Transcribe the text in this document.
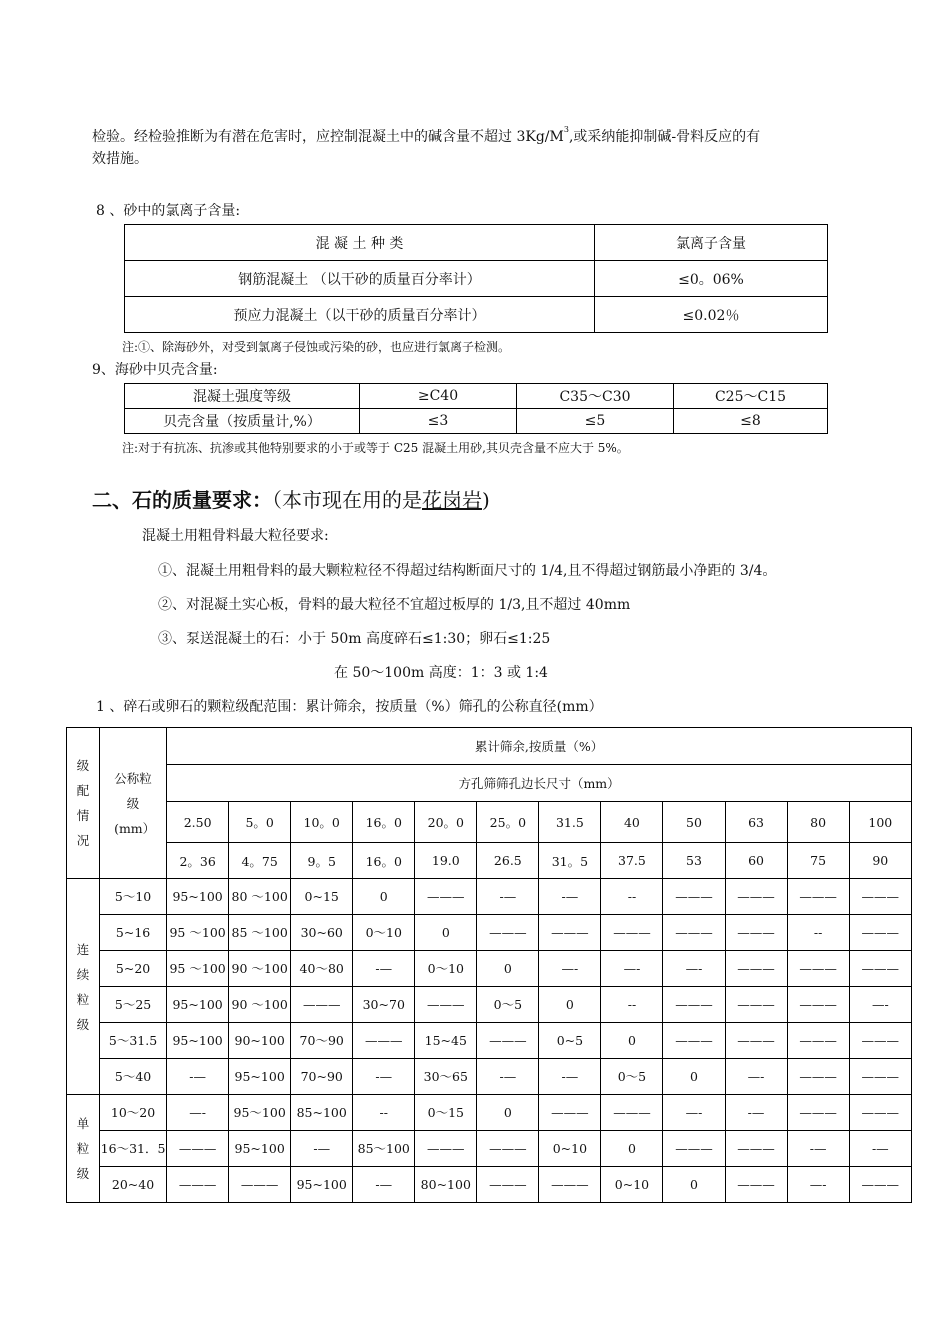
检验。经检验推断为有潜在危害时，应控制混凝土中的碱含量不超过 $3Kg/M^3$,或采纳能抑制碱-骨料反应的有
效措施。
8 、砂中的氯离子含量:
混 凝 土 种 类	氯离子含量
钢筋混凝土 （以干砂的质量百分率计）	≤0。06%
预应力混凝土（以干砂的质量百分率计）	≤0.02％
注:①、除海砂外，对受到氯离子侵蚀或污染的砂，也应进行氯离子检测。
9、海砂中贝壳含量:
混凝土强度等级	≥C40	C35～C30	C25～C15
贝壳含量（按质量计,%）	≤3	≤5	≤8
注:对于有抗冻、抗渗或其他特别要求的小于或等于 C25 混凝土用砂,其贝壳含量不应大于 5%。
二、石的质量要求：（本市现在用的是花岗岩)
混凝土用粗骨料最大粒径要求:
①、混凝土用粗骨料的最大颗粒粒径不得超过结构断面尺寸的 1/4,且不得超过钢筋最小净距的 3/4。
②、对混凝土实心板，骨料的最大粒径不宜超过板厚的 1/3,且不超过 40mm
③、泵送混凝土的石：小于 50m 高度碎石≤1:30；卵石≤1:25
在 50～100m 高度：1：3 或 1:4
1 、碎石或卵石的颗粒级配范围：累计筛余，按质量（%）筛孔的公称直径(mm）
级配情况	公称粒级(mm）	累计筛余,按质量（%）											
		方孔筛筛孔边长尺寸（mm）											
		2.50	5。0	10。0	16。0	20。0	25。0	31.5	40	50	63	80	100
		2。36	4。75	9。5	16。0	19.0	26.5	31。5	37.5	53	60	75	90

连续粒级	5～10	95~100	80 ～100	0~15	0	———	-—	-—	--	———	———	———	———

	5~16	95 ～100	85 ～100	30~60	0～10	0	———	———	———	———	———	--	———

	5~20	95 ～100	90 ～100	40～80	-—	0～10	0	—-	—-	—-	———	———	———

	5～25	95~100	90 ～100	———	30~70	———	0～5	0	--	———	———	———	—-

	5～31.5	95~100	90~100	70～90	———	15~45	———	0~5	0	———	———	———	———

	5～40	-—	95~100	70~90	-—	30～65	-—	-—	0～5	0	—-	———	———

单粒级	10～20	—-	95～100	85~100	--	0～15	0	———	———	—-	-—	———	———

	16～31．5	———	95~100	-—	85～100	———	———	0~10	0	———	———	-—	-—

	20~40	———	———	95~100	-—	80~100	———	———	0~10	0	———	—-	———
